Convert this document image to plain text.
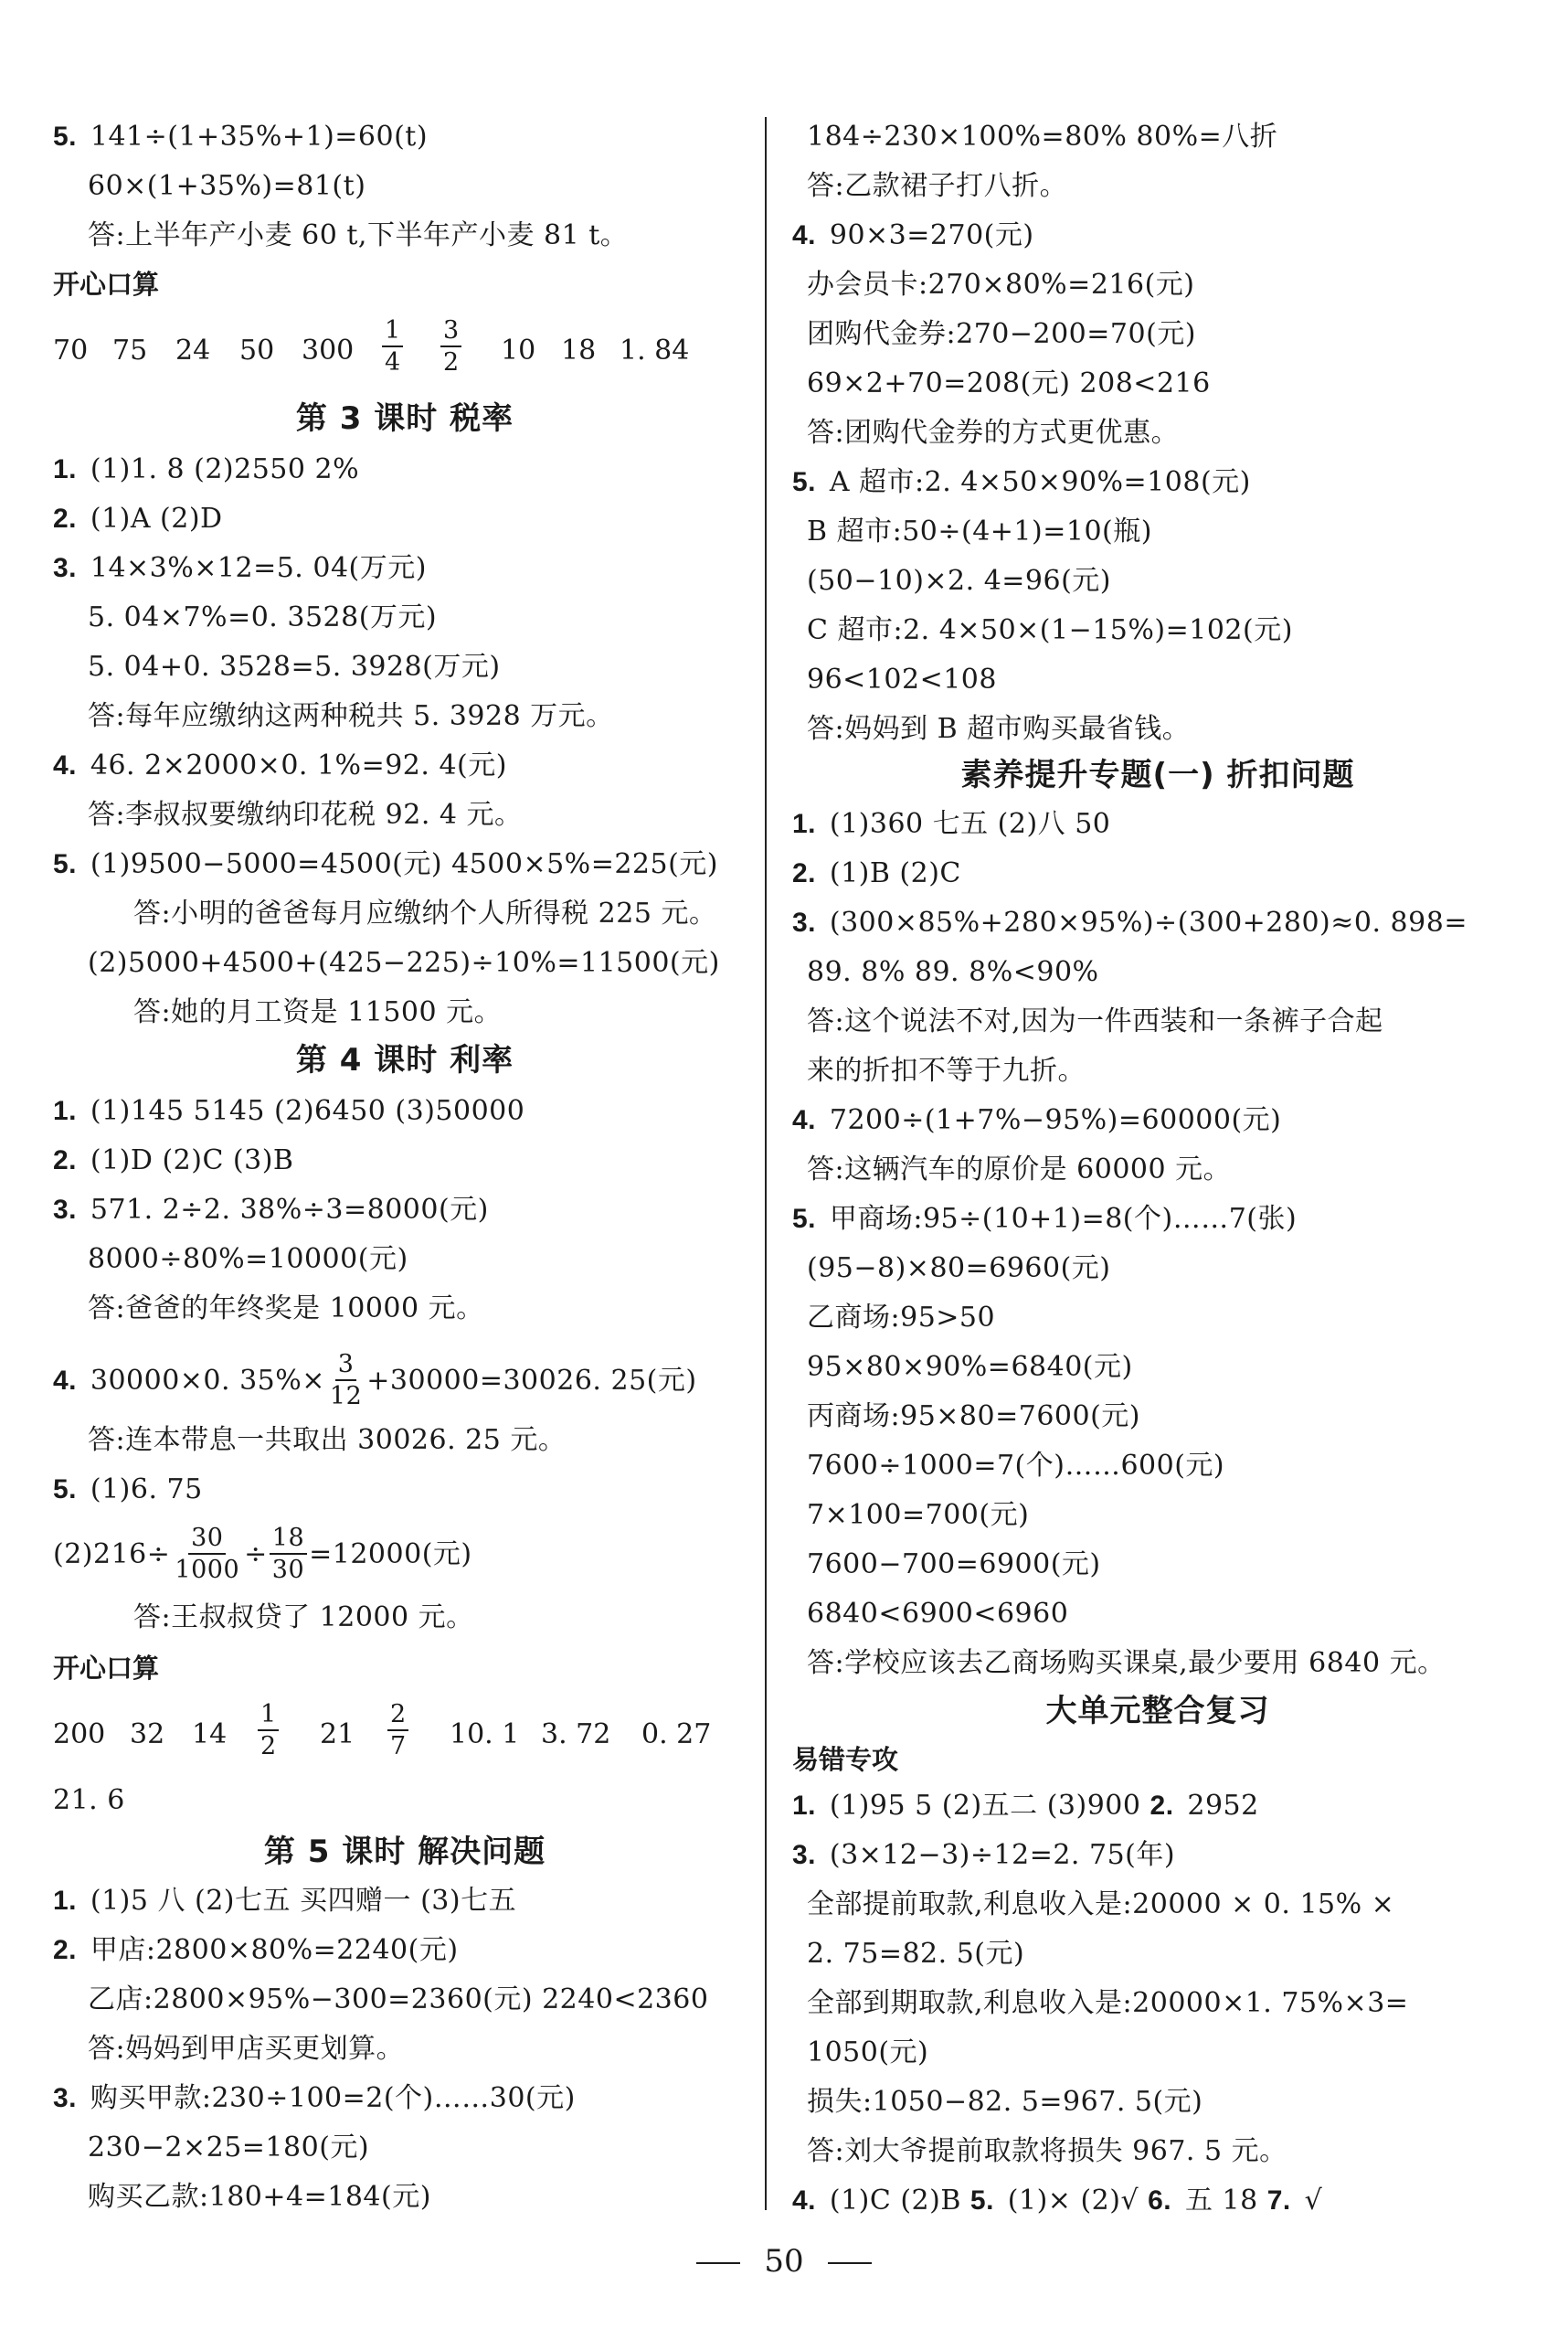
5. 141÷(1+35%+1)=60(t)
60×(1+35%)=81(t)
答:上半年产小麦 60 t,下半年产小麦 81 t。
开心口算
70 75 24 50 $300 \frac{1}{4} \frac{3}{2} 10$ 18 1. 84
第 3 课时 税率
1. (1)1. 8 (2)2550 2%
2. (1)A (2)D
3. 14×3%×12=5. 04(万元)
5. 04×7%=0. 3528(万元)
5. 04+0. 3528=5. 3928(万元)
答:每年应缴纳这两种税共 5. 3928 万元。
4. 46. 2×2000×0. 1%=92. 4(元)
答:李叔叔要缴纳印花税 92. 4 元。
5. (1)9500−5000=4500(元) 4500×5%=225(元)
答:小明的爸爸每月应缴纳个人所得税 225 元。
(2)5000+4500+(425−225)÷10%=11500(元)
答:她的月工资是 11500 元。
第 4 课时 利率
1. (1)145 5145 (2)6450 (3)50000
2. (1)D (2)C (3)B
3. 571. 2÷2. 38%÷3=8000(元)
8000÷80%=10000(元)
答:爸爸的年终奖是 10000 元。
4. 30000×0. $35\%\times \frac{3}{12} +30000=30026$. 25(元)
答:连本带息一共取出 30026. 25 元。
5. (1)6. 75
$(2)216\div \frac{30}{1000} \div \frac{18}{30} =12000$(元)
答:王叔叔贷了 12000 元。
开心口算
200 32 14	21	10. 1 3. 72 0. 27
$\frac{1}{2}$	$\frac{2}{7}$
21. 6
第 5 课时 解决问题
1. (1)5 八 (2)七五 买四赠一 (3)七五
2. 甲店:2800×80%=2240(元)
乙店:2800×95%−300=2360(元) 2240<2360
答:妈妈到甲店买更划算。
3. 购买甲款:230÷100=2(个)……30(元)
230−2×25=180(元)
购买乙款:180+4=184(元)
184÷230×100%=80% 80%=八折
答:乙款裙子打八折。
4. 90×3=270(元)
办会员卡:270×80%=216(元)
团购代金券:270−200=70(元)
69×2+70=208(元) 208<216
答:团购代金券的方式更优惠。
5. A 超市:2. 4×50×90%=108(元)
B 超市:50÷(4+1)=10(瓶)
(50−10)×2. 4=96(元)
C 超市:2. 4×50×(1−15%)=102(元)
96<102<108
答:妈妈到 B 超市购买最省钱。
素养提升专题(一) 折扣问题
1. (1)360 七五 (2)八 50
2. (1)B (2)C
3. (300×85%+280×95%)÷(300+280)≈0. 898=
89. 8% 89. 8%<90%
答:这个说法不对,因为一件西装和一条裤子合起
来的折扣不等于九折。
4. 7200÷(1+7%−95%)=60000(元)
答:这辆汽车的原价是 60000 元。
5. 甲商场:95÷(10+1)=8(个)……7(张)
(95−8)×80=6960(元)
乙商场:95>50
95×80×90%=6840(元)
丙商场:95×80=7600(元)
7600÷1000=7(个)……600(元)
7×100=700(元)
7600−700=6900(元)
6840<6900<6960
答:学校应该去乙商场购买课桌,最少要用 6840 元。
大单元整合复习
易错专攻
1. (1)95 5 (2)五二 (3)900 2. 2952
3. (3×12−3)÷12=2. 75(年)
全部提前取款,利息收入是:20000 × 0. 15% ×
2. 75=82. 5(元)
全部到期取款,利息收入是:20000×1. 75%×3=
1050(元)
损失:1050−82. 5=967. 5(元)
答:刘大爷提前取款将损失 967. 5 元。
4. (1)C (2)B 5. (1)× (2)√ 6. 五 18 7. √
50
